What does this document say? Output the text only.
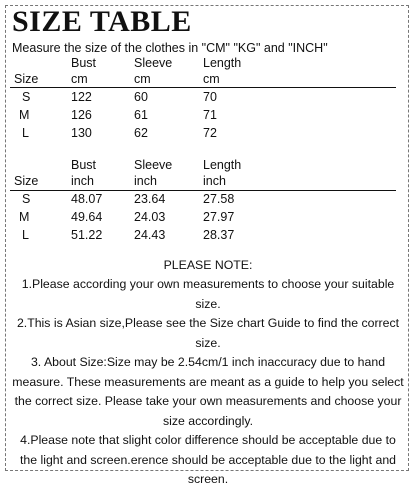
SIZE TABLE
Measure the size of the clothes in "CM" "KG" and "INCH"
	Bust	Sleeve	Length
Size	cm	cm	cm
S	122	60	70
M	126	61	71
L	130	62	72
	Bust	Sleeve	Length
Size	inch	inch	inch
S	48.07	23.64	27.58
M	49.64	24.03	27.97
L	51.22	24.43	28.37

PLEASE NOTE:

1.Please according your own measurements to choose your suitable size.

2.This is Asian size,Please see the Size chart Guide to find the correct size.

3. About Size:Size may be 2.54cm/1 inch inaccuracy due to hand measure. These measurements are meant as a guide to help you select the correct size. Please take your own measurements and choose your size accordingly.

4.Please note that slight color difference should be acceptable due to the light and screen.erence should be acceptable due to the light and screen.
